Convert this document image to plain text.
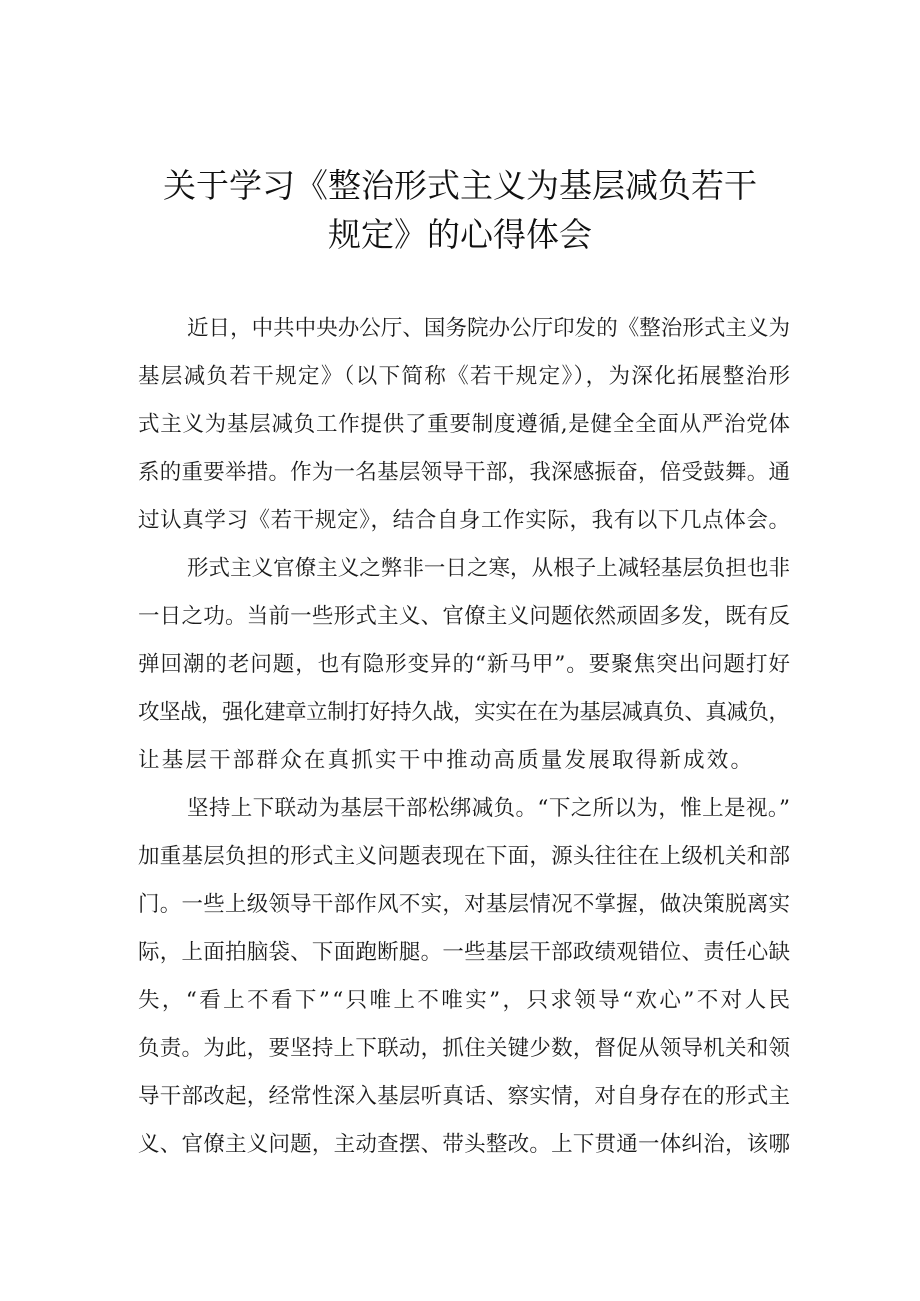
关于学习《整治形式主义为基层减负若干
规定》的心得体会

近日，中共中央办公厅、国务院办公厅印发的《整治形式主义为

基层减负若干规定》（以下简称《若干规定》），为深化拓展整治形

式主义为基层减负工作提供了重要制度遵循,是健全全面从严治党体

系的重要举措。作为一名基层领导干部，我深感振奋，倍受鼓舞。通

过认真学习《若干规定》，结合自身工作实际，我有以下几点体会。

形式主义官僚主义之弊非一日之寒，从根子上减轻基层负担也非

一日之功。当前一些形式主义、官僚主义问题依然顽固多发，既有反

弹回潮的老问题，也有隐形变异的“新马甲”。要聚焦突出问题打好

攻坚战，强化建章立制打好持久战，实实在在为基层减真负、真减负，

让基层干部群众在真抓实干中推动高质量发展取得新成效。

坚持上下联动为基层干部松绑减负。“下之所以为，惟上是视。”

加重基层负担的形式主义问题表现在下面，源头往往在上级机关和部

门。一些上级领导干部作风不实，对基层情况不掌握，做决策脱离实

际，上面拍脑袋、下面跑断腿。一些基层干部政绩观错位、责任心缺

失，“看上不看下”“只唯上不唯实”，只求领导“欢心”不对人民

负责。为此，要坚持上下联动，抓住关键少数，督促从领导机关和领

导干部改起，经常性深入基层听真话、察实情，对自身存在的形式主

义、官僚主义问题，主动查摆、带头整改。上下贯通一体纠治，该哪
